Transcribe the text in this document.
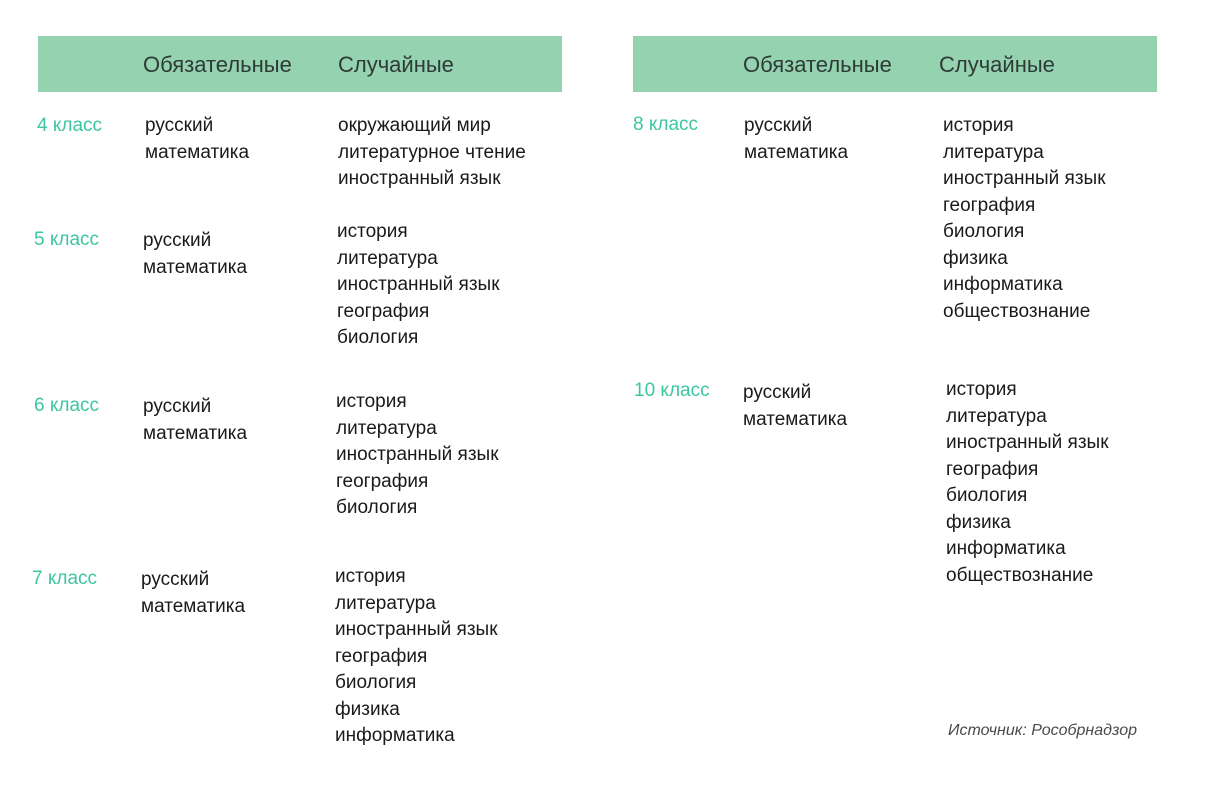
Обязательные Случайные	Обязательные Случайные
4 класс русский
математика
окружающий мир
литературное чтение
иностранный язык
5 класс русский
математика
история
литература
иностранный язык
география
биология
6 класс русский
математика
история
литература
иностранный язык
география
биология
7 класс русский
математика
история
литература
иностранный язык
география
биология
физика
информатика
8 класс русский
математика
история
литература
иностранный язык
география
биология
физика
информатика
обществознание
10 класс русский
математика
история
литература
иностранный язык
география
биология
физика
информатика
обществознание
Источник: Рособрнадзор
